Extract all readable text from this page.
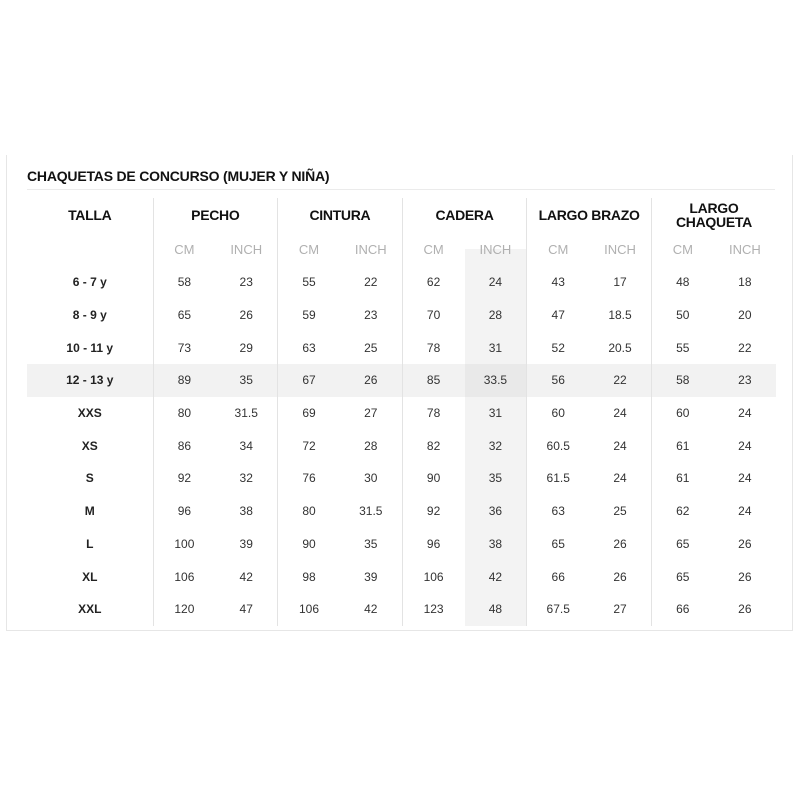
CHAQUETAS DE CONCURSO (MUJER Y NIÑA)
TALLA	PECHO		CINTURA		CADERA		LARGO BRAZO		LARGO
CHAQUETA	
	CM	INCH	CM	INCH	CM	INCH	CM	INCH	CM	INCH
6 - 7 y	58	23	55	22	62	24	43	17	48	18
8 - 9 y	65	26	59	23	70	28	47	18.5	50	20
10 - 11 y	73	29	63	25	78	31	52	20.5	55	22
12 - 13 y	89	35	67	26	85	33.5	56	22	58	23
XXS	80	31.5	69	27	78	31	60	24	60	24
XS	86	34	72	28	82	32	60.5	24	61	24
S	92	32	76	30	90	35	61.5	24	61	24
M	96	38	80	31.5	92	36	63	25	62	24
L	100	39	90	35	96	38	65	26	65	26
XL	106	42	98	39	106	42	66	26	65	26
XXL	120	47	106	42	123	48	67.5	27	66	26
